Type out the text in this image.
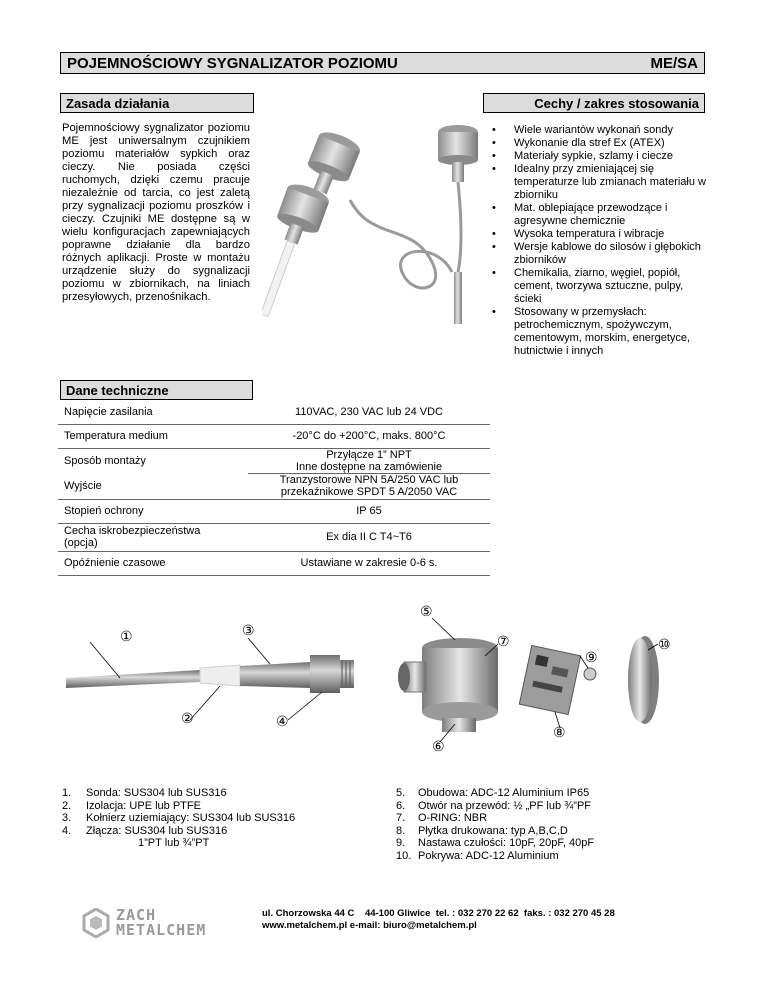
POJEMNOŚCIOWY SYGNALIZATOR POZIOMU	ME/SA
Zasada działania	Cechy / zakres stosowania

Pojemnościowy sygnalizator poziomu ME jest uniwersalnym czujnikiem poziomu materiałów sypkich oraz cieczy. Nie posiada części ruchomych, dzięki czemu pracuje niezależnie od tarcia, co jest zaletą przy sygnalizacji poziomu proszków i cieczy. Czujniki ME dostępne są w wielu konfiguracjach zapewniających poprawne działanie dla bardzo różnych aplikacji. Proste w montażu urządzenie służy do sygnalizacji poziomu w zbiornikach, na liniach przesyłowych, przenośnikach.

• Wiele wariantów wykonań sondy
• Wykonanie dla stref Ex (ATEX)
• Materiały sypkie, szlamy i ciecze
• Idealny przy zmieniającej się temperaturze lub zmianach materiału w zbiorniku
• Mat. oblepiające przewodzące i agresywne chemicznie
• Wysoka temperatura i wibracje
• Wersje kablowe do silosów i głębokich zbiorników
• Chemikalia, ziarno, węgiel, popiół, cement, tworzywa sztuczne, pulpy, ścieki
• Stosowany w przemysłach: petrochemicznym, spożywczym, cementowym, morskim, energetyce, hutnictwie i innych
Dane techniczne
Napięcie zasilania	110VAC, 230 VAC lub 24 VDC
Temperatura medium	-20°C do +200°C, maks. 800°C
Sposób montaży	Przyłącze 1” NPT
Inne dostępne na zamówienie
Wyjście	Tranzystorowe NPN 5A/250 VAC lub
przekaźnikowe SPDT 5 A/2050 VAC
Stopień ochrony	IP 65
Cecha iskrobezpieczeństwa
(opcja)	Ex dia II C T4~T6
Opóźnienie czasowe	Ustawiane w zakresie 0-6 s.
①
②
③
④
⑤
⑥
⑦
⑧
⑨
⑩
1. Sonda: SUS304 lub SUS316
2. Izolacja: UPE lub PTFE
3. Kołnierz uziemiający: SUS304 lub SUS316
4. Złącza: SUS304 lub SUS316
1”PT lub ¾”PT
5. Obudowa: ADC-12 Aluminium IP65
6. Otwór na przewód: ½ „PF lub ¾”PF
7. O-RING: NBR
8. Płytka drukowana: typ A,B,C,D
9. Nastawa czułości: 10pF, 20pF, 40pF
10. Pokrywa: ADC-12 Aluminium
ZACH
METALCHEM
ul. Chorzowska 44 C    44-100 Gliwice  tel. : 032 270 22 62  faks. : 032 270 45 28
www.metalchem.pl e-mail: biuro@metalchem.pl
